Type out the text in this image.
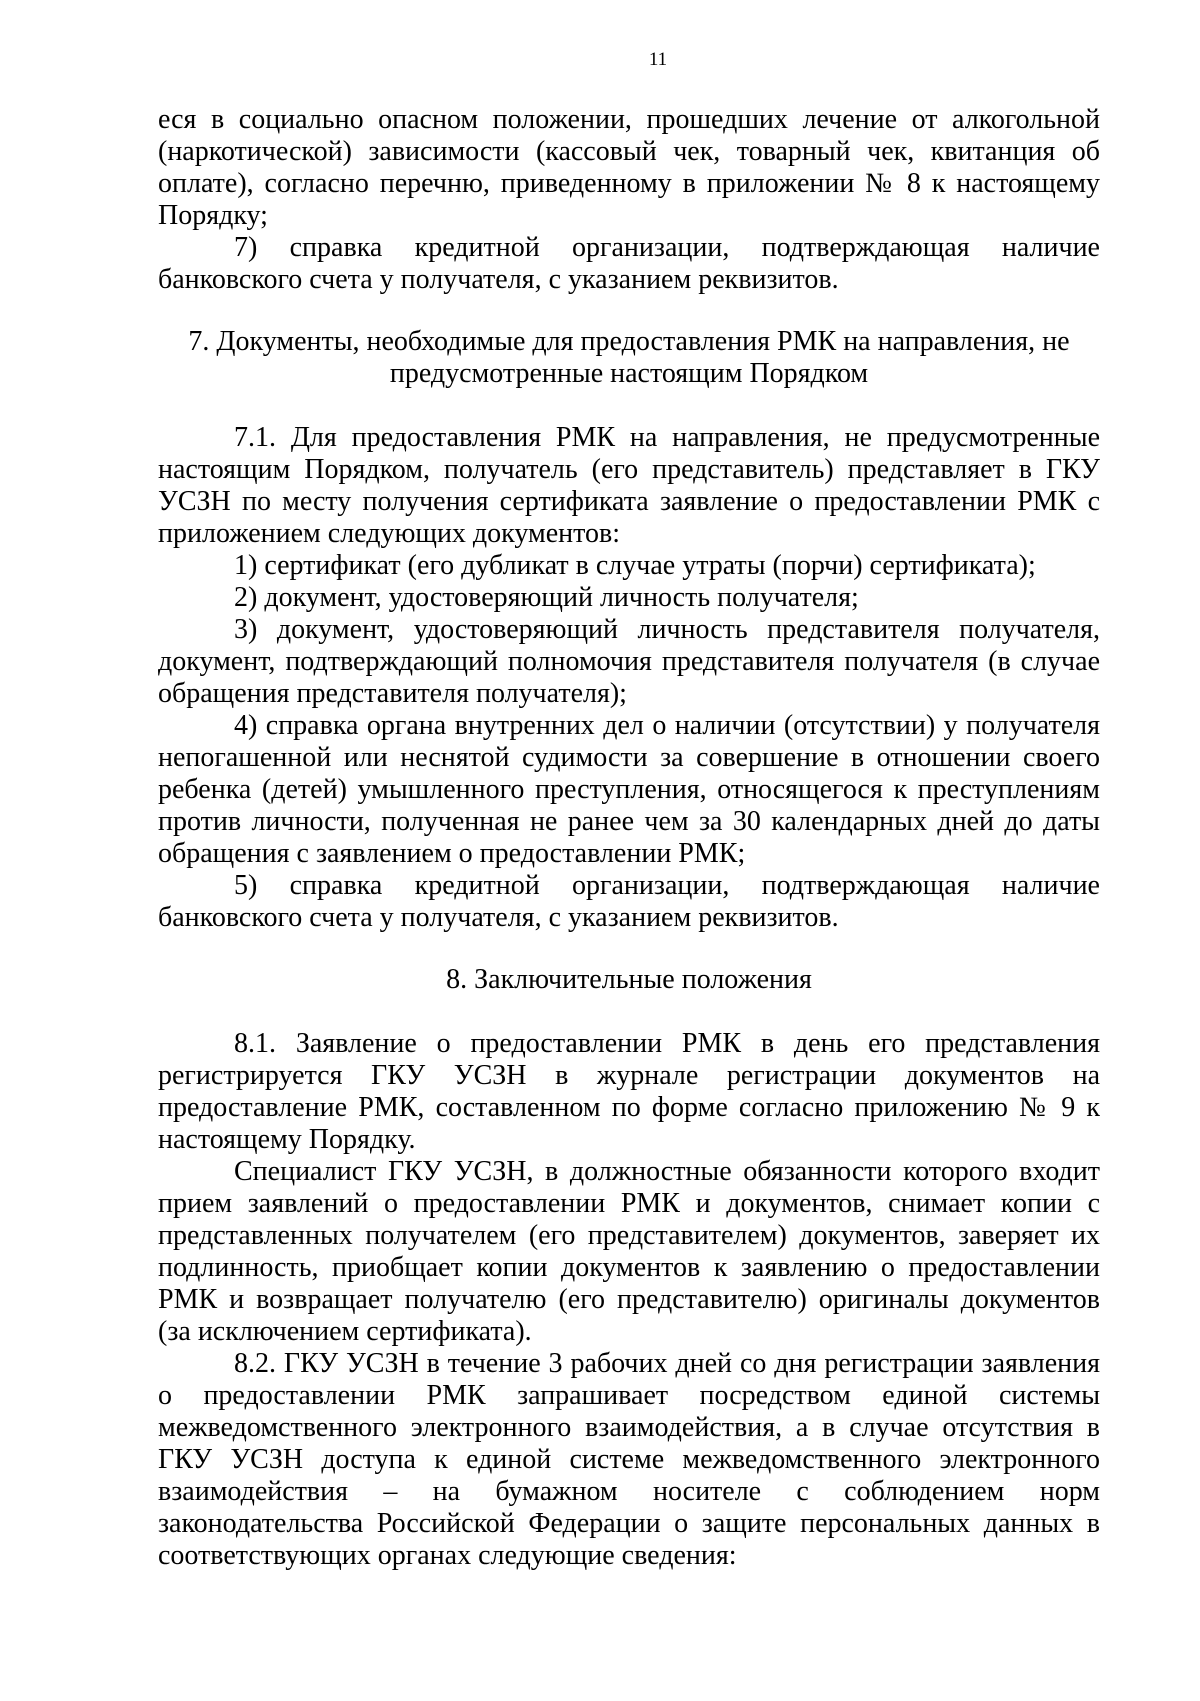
11

еся в социально опасном положении, прошедших лечение от алкогольной (наркотической) зависимости (кассовый чек, товарный чек, квитанция об оплате), согласно перечню, приведенному в приложении № 8 к настоящему Порядку;

7) справка кредитной организации, подтверждающая наличие банковского счета у получателя, с указанием реквизитов.

7. Документы, необходимые для предоставления РМК на направления, не предусмотренные настоящим Порядком

7.1. Для предоставления РМК на направления, не предусмотренные настоящим Порядком, получатель (его представитель) представляет в ГКУ УСЗН по месту получения сертификата заявление о предоставлении РМК с приложением следующих документов:

1) сертификат (его дубликат в случае утраты (порчи) сертификата);

2) документ, удостоверяющий личность получателя;

3) документ, удостоверяющий личность представителя получателя, документ, подтверждающий полномочия представителя получателя (в случае обращения представителя получателя);

4) справка органа внутренних дел о наличии (отсутствии) у получателя непогашенной или неснятой судимости за совершение в отношении своего ребенка (детей) умышленного преступления, относящегося к преступлениям против личности, полученная не ранее чем за 30 календарных дней до даты обращения с заявлением о предоставлении РМК;

5) справка кредитной организации, подтверждающая наличие банковского счета у получателя, с указанием реквизитов.

8. Заключительные положения

8.1. Заявление о предоставлении РМК в день его представления регистрируется ГКУ УСЗН в журнале регистрации документов на предоставление РМК, составленном по форме согласно приложению № 9 к настоящему Порядку.

Специалист ГКУ УСЗН, в должностные обязанности которого входит прием заявлений о предоставлении РМК и документов, снимает копии с представленных получателем (его представителем) документов, заверяет их подлинность, приобщает копии документов к заявлению о предоставлении РМК и возвращает получателю (его представителю) оригиналы документов (за исключением сертификата).

8.2. ГКУ УСЗН в течение 3 рабочих дней со дня регистрации заявления о предоставлении РМК запрашивает посредством единой системы межведомственного электронного взаимодействия, а в случае отсутствия в ГКУ УСЗН доступа к единой системе межведомственного электронного взаимодействия – на бумажном носителе с соблюдением норм законодательства Российской Федерации о защите персональных данных в соответствующих органах следующие сведения:
